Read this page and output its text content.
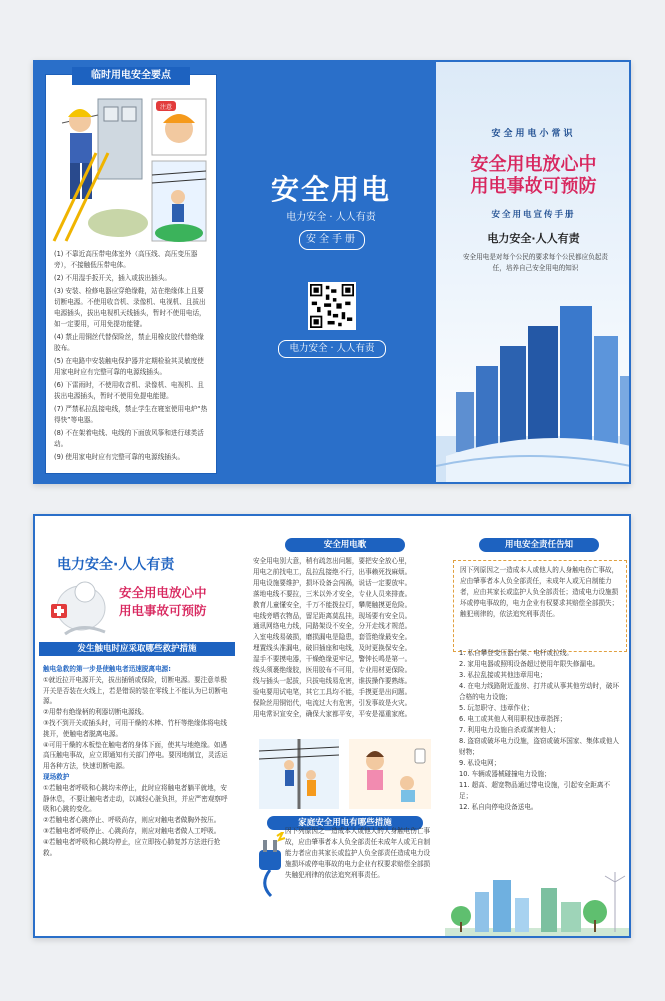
临时用电安全要点
注意

(1) 不靠近高压带电体室外（高压线、高压变压器旁），不接触低压带电体。

(2) 不用湿手扳开关，插入或拔出插头。

(3) 安装、检修电器应穿绝缘鞋，站在绝缘体上且要切断电源。不使用收音机、录像机、电视机、且拔出电源插头，拔出电视机天线插头，暂时不使用电话，如一定要用，可用免提功能键。

(4) 禁止用铜丝代替保险丝，禁止用橡皮胶代替绝缘胶布。

(5) 在电路中安装触电保护器并定期检验其灵敏度使用家电时应有完整可靠的电源线插头。

(6) 下雷雨时，不使用收音机、录像机、电视机、且拔出电源插头，暂时不使用免提电能键。

(7) 严禁私拉乱接电线，禁止学生在寝室使用电炉“热得快”等电器。

(8) 不在架着电线、电线的下面放风筝和进行球类活动。

(9) 使用家电时应有完整可靠的电源线插头。

安全用电
电力安全 · 人人有责
安全手册
电力安全 · 人人有责
安全用电小常识
安全用电放心中
用电事故可预防
安全用电宣传手册
电力安全·人人有责
安全用电是对每个公民的要求每个公民都应负起责任，培养自己安全用电的知识
电力安全·人人有责
安全用电放心中
用电事故可预防
发生触电时应采取哪些救护措施

触电急救的第一步是使触电者迅速脱离电源:

①就近拉开电源开关，拔出插销或保险，切断电源。要注意单极开关是否装在火线上，若是错误的装在零线上不能认为已切断电源。

②用带有绝缘柄的利器切断电源线。

③找不到开关或插头时，可用干燥的木棒、竹杆等绝缘体将电线挑开，使触电者脱离电源。

④可用干燥的木板垫在触电者的身体下面，使其与地绝缘。如遇高压触电事故，应立即通知有关部门停电。要因地制宜，灵活运用各种方法，快速切断电源。

现场救护

①若触电者呼吸和心跳均未停止，此时应将触电者躺平就地，安静休息，不要让触电者走动，以减轻心脏负担，并应严密观察呼吸和心跳的变化。

②若触电者心跳停止、呼吸尚存，则应对触电者做胸外按压。

③若触电者呼吸停止、心跳尚存，则应对触电者做人工呼吸。

④若触电者呼吸和心跳均停止，应立即按心肺复苏方法进行抢救。

安全用电歌

安全用电别大意，稍有疏忽出问题，要把安全放心里，

用电之前找电工，乱拉乱接绝不行，出事赖死找麻烦。

用电设施要维护，损坏设备会闯祸，说话一定要放牢。

落地电线不要拉，三米以外才安全，专业人员来排查。

教育儿童懂安全，千万不能拨拉灯，攀爬触摸更危险。

电线旁晒衣物品，留足距离莫乱挂，现场要有安全员。

通讯网络电力线，同路架设不安全，分开走线才规范。

入室电线易破损，磨损漏电是隐患，套管绝缘最安全。

埋置线头准漏电，破旧插座和电线，及时更换保安全。

湿手不要摸电器，干燥绝缘更牢记，警钟长鸣是第一。

线头须裹绝缘胶，医用胶布不可用，专业用材更保险。

线与插头一起拔，只拔电线易危害，谁拔操作要熟练。

验电要用试电笔，其它工具均不能，手摸更是出问题。

保险丝用铜铝代，电流过大有危害，引发事故是火灾。

用电常识宣安全，确保大家都平安，平安是福重家庭。

家庭安全用电有哪些措施
因下列原因之一造成本人或他人的人身触电伤亡事故，应由肇事者本人负全部责任未成年人或无自制能力者应由其家长或监护人负全部责任造成电力设施损坏或停电事故的电力企业有权要求赔偿全部损失触犯刑律的依法追究刑事责任。
用电安全责任告知
因下列原因之一造成本人或他人的人身触电伤亡事故，应由肇事者本人负全部责任，未成年人或无自制能力者，应由其家长或监护人负全部责任；造成电力设施损坏或停电事故的，电力企业有权要求其赔偿全部损失；触犯刑律的，依法追究刑事责任。

1. 私自攀登变压器台架、电杆或拉线。

2. 家用电器或照明设备超过使用年限失修漏电。

3. 私拉乱接或其他违章用电；

4. 在电力线路附近盖房、打井或从事其他劳动时，破坏合格的电力设施；

5. 玩忽职守、违章作业；

6. 电工或其他人利用职权违章指挥；

7. 利用电力设施自杀或谋害他人；

8. 盗窃或破坏电力设施，盗窃或破坏国家、集体或他人财物；

9. 私设电网；

10. 车辆或器械碰撞电力设施；

11. 超高、超宽物品通过带电设施，引起安全距离不足；

12. 私自向停电设备送电。
